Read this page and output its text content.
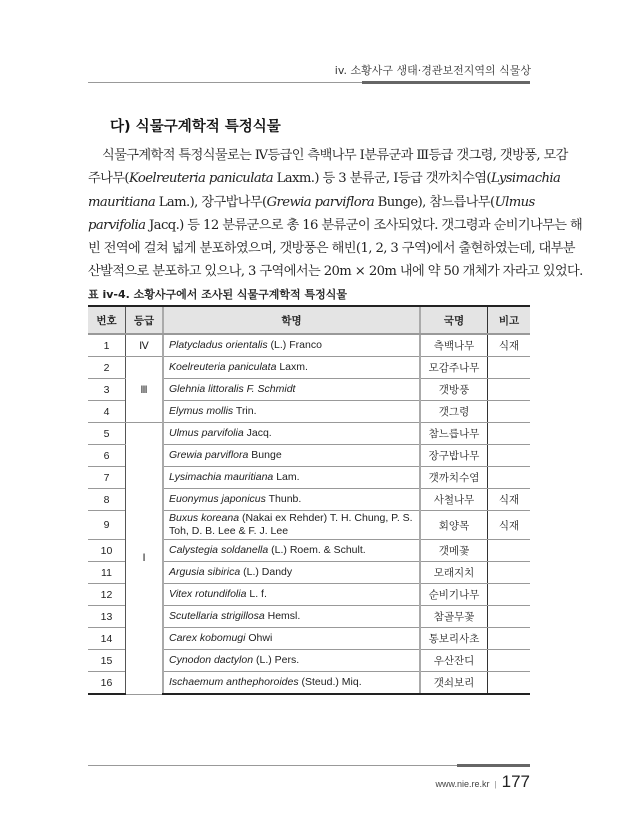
iv. 소황사구 생태·경관보전지역의 식물상
다) 식물구계학적 특정식물
식물구계학적 특정식물로는 Ⅳ등급인 측백나무 Ⅰ분류군과 Ⅲ등급 갯그령, 갯방풍, 모감
주나무(Koelreuteria paniculata Laxm.) 등 3 분류군, Ⅰ등급 갯까치수염(Lysimachia
mauritiana Lam.), 장구밥나무(Grewia parviflora Bunge), 참느릅나무(Ulmus
parvifolia Jacq.) 등 12 분류군으로 총 16 분류군이 조사되었다. 갯그령과 순비기나무는 해
빈 전역에 걸쳐 넓게 분포하였으며, 갯방풍은 해빈(1, 2, 3 구역)에서 출현하였는데, 대부분
산발적으로 분포하고 있으나, 3 구역에서는 20m × 20m 내에 약 50 개체가 자라고 있었다.
표 iv-4. 소황사구에서 조사된 식물구계학적 특정식물
번호	등급	학명	국명	비고
1	Ⅳ	Platycladus orientalis (L.) Franco	측백나무	식재
2	Ⅲ	Koelreuteria paniculata Laxm.	모감주나무	
3		Glehnia littoralis F. Schmidt	갯방풍	
4		Elymus mollis Trin.	갯그령	
5	Ⅰ	Ulmus parvifolia Jacq.	참느릅나무	
6		Grewia parviflora Bunge	장구밥나무	
7		Lysimachia mauritiana Lam.	갯까치수염	
8		Euonymus japonicus Thunb.	사철나무	식재
9		Buxus koreana (Nakai ex Rehder) T. H. Chung, P. S. Toh, D. B. Lee & F. J. Lee	회양목	식재
10		Calystegia soldanella (L.) Roem. & Schult.	갯메꽃	
11		Argusia sibirica (L.) Dandy	모래지치	
12		Vitex rotundifolia L. f.	순비기나무	
13		Scutellaria strigillosa Hemsl.	참골무꽃	
14		Carex kobomugi Ohwi	통보리사초	
15		Cynodon dactylon (L.) Pers.	우산잔디	
16		Ischaemum anthephoroides (Steud.) Miq.	갯쇠보리	
www.nie.re.kr | 177
